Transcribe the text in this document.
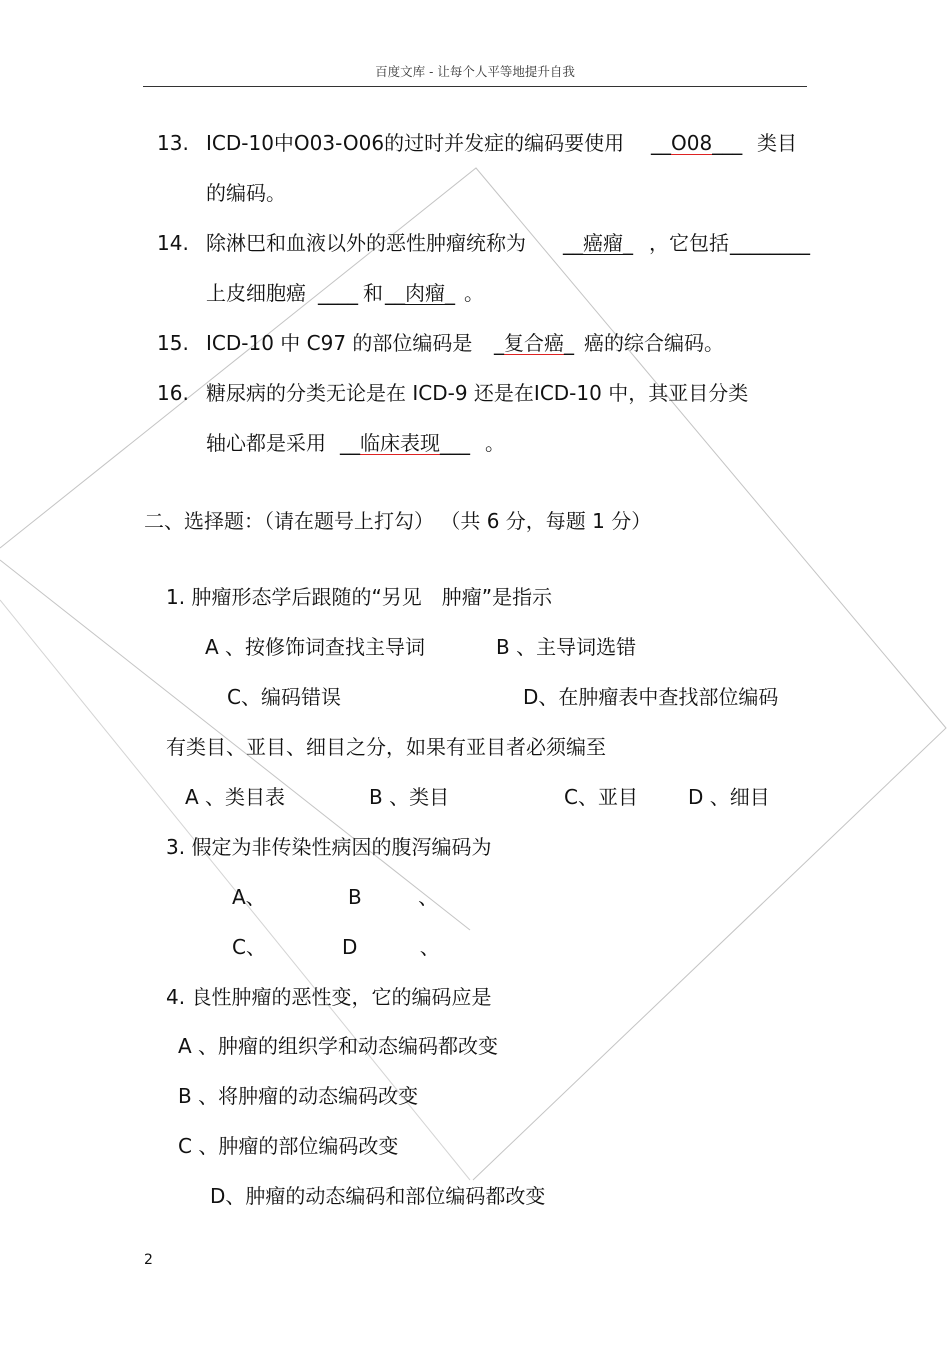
百度文库 - 让每个人平等地提升自我
13. ICD-10中O03-O06的过时并发症的编码要使用 __O08___ 类目
的编码。
14. 除淋巴和血液以外的恶性肿瘤统称为 __癌瘤_ ，它包括 ________
上皮细胞癌 ____ 和 __肉瘤_ 。
15. ICD-10 中 C97 的部位编码是 _复合癌_ 癌的综合编码。
16. 糖尿病的分类无论是在 ICD-9 还是在ICD-10 中，其亚目分类
轴心都是采用 __临床表现___ 。
二、选择题：（请在题号上打勾） （共 6 分，每题 1 分）
1. 肿瘤形态学后跟随的“另见　肿瘤”是指示
A 、按修饰词查找主导词	B 、主导词选错
C、编码错误	D、在肿瘤表中查找部位编码
有类目、亚目、细目之分，如果有亚目者必须编至
A 、类目表	B 、类目	C、亚目	D 、细目
3. 假定为非传染性病因的腹泻编码为
A、	B 、
C、	D 、
4. 良性肿瘤的恶性变，它的编码应是
A 、肿瘤的组织学和动态编码都改变
B 、将肿瘤的动态编码改变
C 、肿瘤的部位编码改变
D、肿瘤的动态编码和部位编码都改变
2
